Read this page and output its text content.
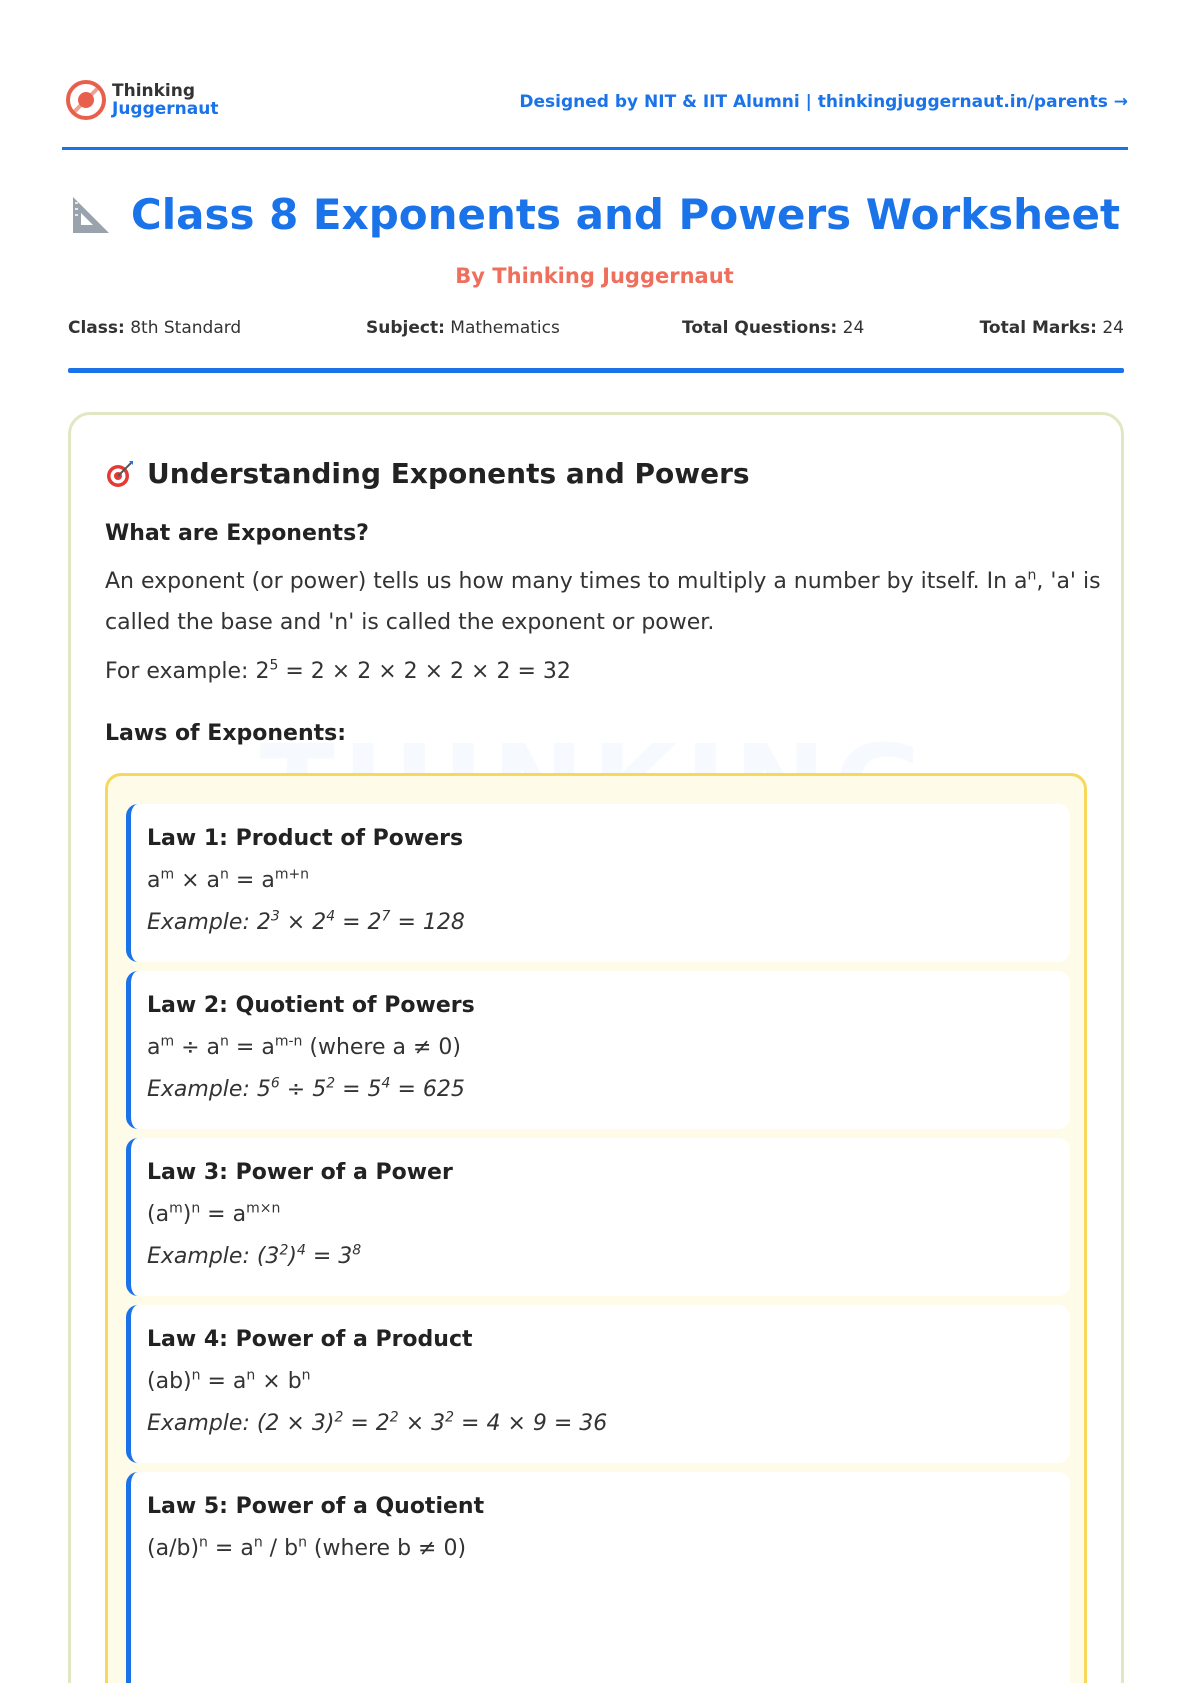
Thinking
Juggernaut	Designed by NIT & IIT Alumni | thinkingjuggernaut.in/parents →
Class 8 Exponents and Powers Worksheet
By Thinking Juggernaut
Class: 8th Standard	Subject: Mathematics	Total Questions: 24	Total Marks: 24
Understanding Exponents and Powers
What are Exponents?
An exponent (or power) tells us how many times to multiply a number by itself. In $a^n$, 'a' is called the base and 'n' is called the exponent or power.
For example: $2^5 = 2 \times 2 \times 2 \times 2 \times 2 = 32$
Laws of Exponents:
Law 1: Product of Powers
$a^m \times a^n = a^{m+n}$
Example: $2^3 \times 2^4 = 2^7 = 128$
Law 2: Quotient of Powers
$a^m \div a^n = a^{m-n}$ (where a ≠ 0)
Example: $5^6 \div 5^2 = 5^4 = 625$
Law 3: Power of a Power
$(a^m)^n = a^{m\times n}$
Example: $(3^2)^4 = 3^8$
Law 4: Power of a Product
$(ab)^n = a^n \times b^n$
Example: $(2 \times 3)^2 = 2^2 \times 3^2 = 4 \times 9 = 36$
Law 5: Power of a Quotient
$(a/b)^n = a^n / b^n$ (where b ≠ 0)
